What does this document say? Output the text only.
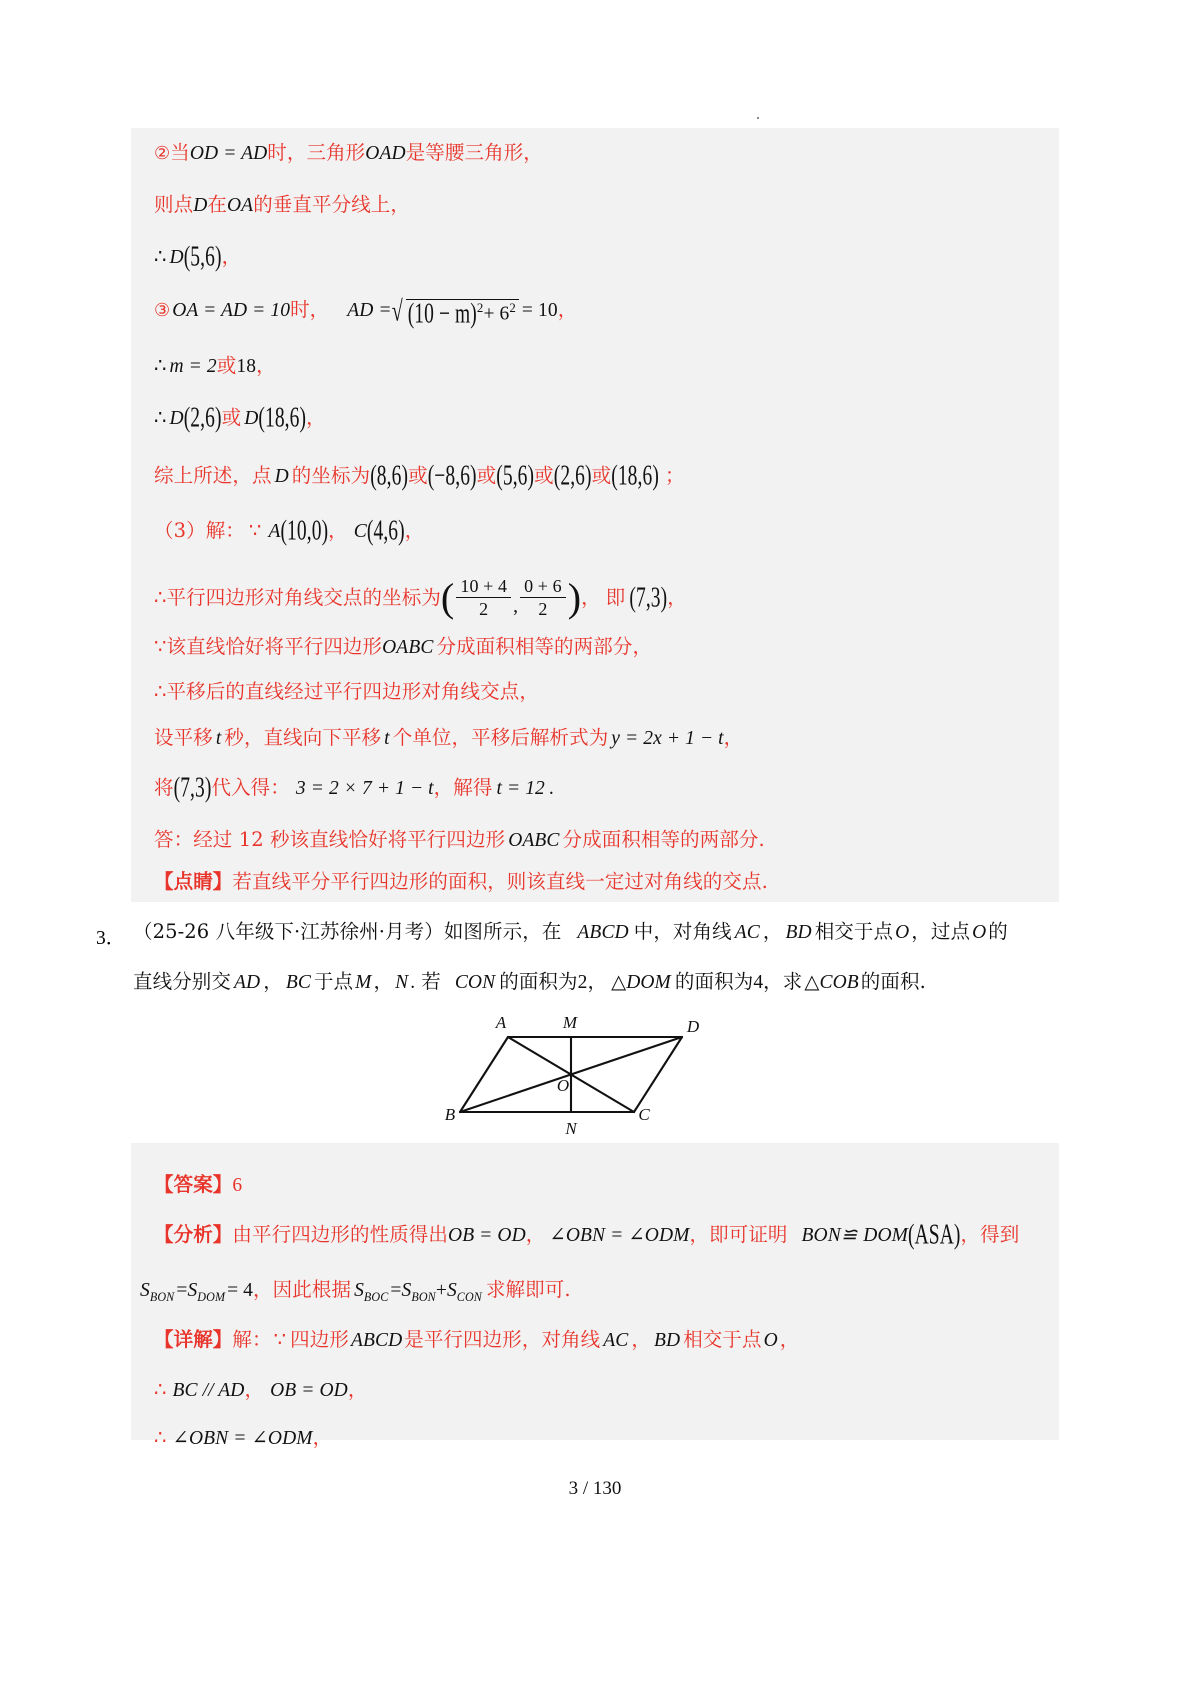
②当OD = AD时，三角形OAD是等腰三角形，
则点D在OA的垂直平分线上，
∴ D(5,6)，
③ OA = AD = 10时， AD = √ $(10 - m)^2+ 6^2 = 10$，
∴ m = 2或18，
∴ D(2,6)或 D(18,6)，
综上所述，点 D 的坐标为(8,6)或(−8,6)或(5,6)或(2,6)或(18,6) ；
（3）解： ∵ A(10,0)， C(4,6)，
∴平行四边形对角线交点的坐标为 ( $\frac{10 + 4}{2}$ , $\frac{0 + 6}{2}$ ) ， 即 (7,3)，
∵该直线恰好将平行四边形OABC 分成面积相等的两部分，
∴平移后的直线经过平行四边形对角线交点，
设平移 t 秒，直线向下平移 t 个单位，平移后解析式为 y = 2x + 1 − t，
将(7,3)代入得： 3 = 2 × 7 + 1 − t，解得 t = 12 .
答：经过 12 秒该直线恰好将平行四边形 OABC 分成面积相等的两部分.
【点睛】若直线平分平行四边形的面积，则该直线一定过对角线的交点.
3． （25-26 八年级下·江苏徐州·月考）如图所示，在 ABCD 中，对角线 AC ， BD 相交于点 O ，过点 O 的
直线分别交 AD ， BC 于点 M ， N . 若 CON 的面积为2， △DOM 的面积为4，求 △COB 的面积.
A	M	D
O
B
N
C
【答案】6
【分析】由平行四边形的性质得出OB = OD， ∠OBN = ∠ODM，即可证明 BON≌ DOM(ASA)，得到
$S_{BON} =S_{DOM} = 4$，因此根据 $S_{BOC} =S_{BON}+S_{CON}$ 求解即可.
【详解】解： ∵ 四边形 ABCD 是平行四边形，对角线 AC ， BD 相交于点 O ，
∴ BC // AD， OB = OD，
∴ ∠OBN = ∠ODM，
3 / 130
